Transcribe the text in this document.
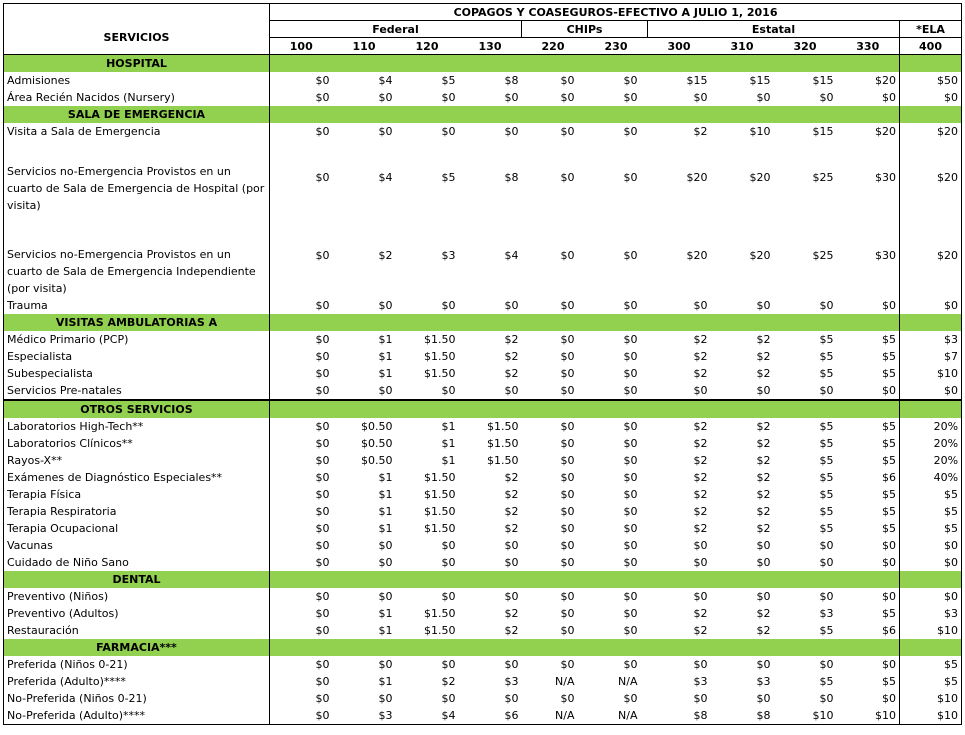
	COPAGOS Y COASEGUROS-EFECTIVO A JULIO 1, 2016										
SERVICIOS	Federal				CHIPs		Estatal				*ELA
	100	110	120	130	220	230	300	310	320	330	400
HOSPITAL											
Admisiones	$0	$4	$5	$8	$0	$0	$15	$15	$15	$20	$50
Área Recién Nacidos (Nursery)	$0	$0	$0	$0	$0	$0	$0	$0	$0	$0	$0
SALA DE EMERGENCIA											
Visita a Sala de Emergencia	$0	$0	$0	$0	$0	$0	$2	$10	$15	$20	$20
Servicios no-Emergencia Provistos en un cuarto de Sala de Emergencia de Hospital (por visita)	$0	$4	$5	$8	$0	$0	$20	$20	$25	$30	$20
Servicios no-Emergencia Provistos en un cuarto de Sala de Emergencia Independiente (por visita)	$0	$2	$3	$4	$0	$0	$20	$20	$25	$30	$20
Trauma	$0	$0	$0	$0	$0	$0	$0	$0	$0	$0	$0
VISITAS AMBULATORIAS A											
Médico Primario (PCP)	$0	$1	$1.50	$2	$0	$0	$2	$2	$5	$5	$3
Especialista	$0	$1	$1.50	$2	$0	$0	$2	$2	$5	$5	$7
Subespecialista	$0	$1	$1.50	$2	$0	$0	$2	$2	$5	$5	$10
Servicios Pre-natales	$0	$0	$0	$0	$0	$0	$0	$0	$0	$0	$0
OTROS SERVICIOS											
Laboratorios High-Tech**	$0	$0.50	$1	$1.50	$0	$0	$2	$2	$5	$5	20%
Laboratorios Clínicos**	$0	$0.50	$1	$1.50	$0	$0	$2	$2	$5	$5	20%
Rayos-X**	$0	$0.50	$1	$1.50	$0	$0	$2	$2	$5	$5	20%
Exámenes de Diagnóstico Especiales**	$0	$1	$1.50	$2	$0	$0	$2	$2	$5	$6	40%
Terapia Física	$0	$1	$1.50	$2	$0	$0	$2	$2	$5	$5	$5
Terapia Respiratoria	$0	$1	$1.50	$2	$0	$0	$2	$2	$5	$5	$5
Terapia Ocupacional	$0	$1	$1.50	$2	$0	$0	$2	$2	$5	$5	$5
Vacunas	$0	$0	$0	$0	$0	$0	$0	$0	$0	$0	$0
Cuidado de Niño Sano	$0	$0	$0	$0	$0	$0	$0	$0	$0	$0	$0
DENTAL											
Preventivo (Niños)	$0	$0	$0	$0	$0	$0	$0	$0	$0	$0	$0
Preventivo (Adultos)	$0	$1	$1.50	$2	$0	$0	$2	$2	$3	$5	$3
Restauración	$0	$1	$1.50	$2	$0	$0	$2	$2	$5	$6	$10
FARMACIA***											
Preferida (Niños 0-21)	$0	$0	$0	$0	$0	$0	$0	$0	$0	$0	$5
Preferida (Adulto)****	$0	$1	$2	$3	N/A	N/A	$3	$3	$5	$5	$5
No-Preferida (Niños 0-21)	$0	$0	$0	$0	$0	$0	$0	$0	$0	$0	$10
No-Preferida (Adulto)****	$0	$3	$4	$6	N/A	N/A	$8	$8	$10	$10	$10
